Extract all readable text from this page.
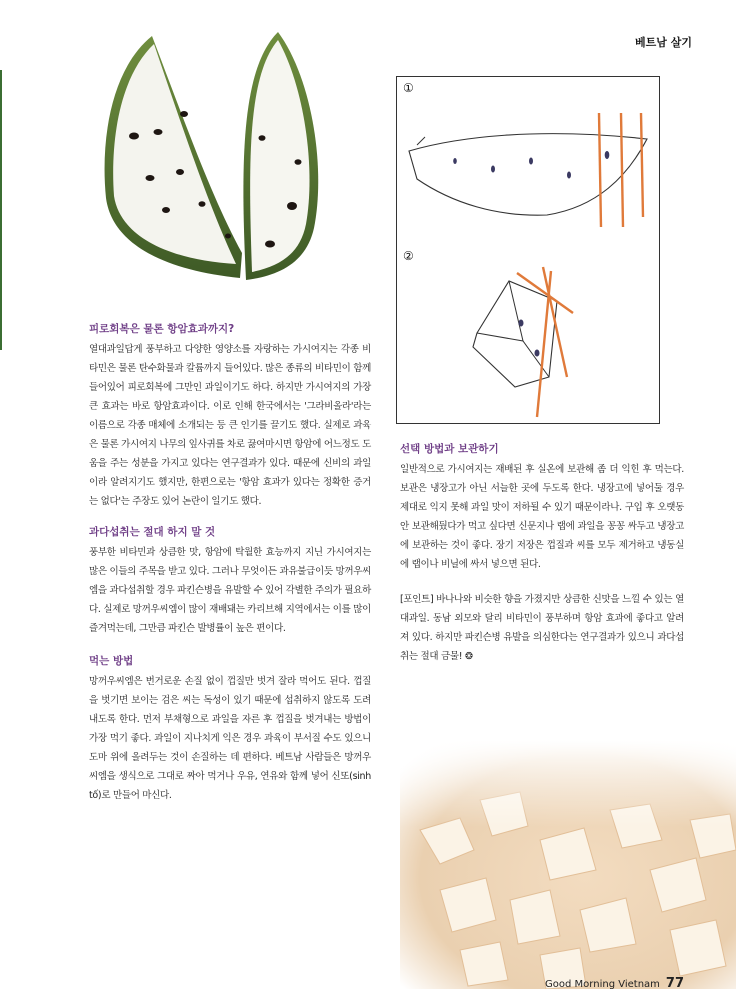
베트남 살기
①
②
피로회복은 물론 항암효과까지?

열대과일답게 풍부하고 다양한 영양소를 자랑하는 가시여지는 각종 비타민은 물론 탄수화물과 칼륨까지 들어있다. 많은 종류의 비타민이 함께 들어있어 피로회복에 그만인 과일이기도 하다. 하지만 가시여지의 가장 큰 효과는 바로 항암효과이다. 이로 인해 한국에서는 '그라비올라'라는 이름으로 각종 매체에 소개되는 등 큰 인기를 끌기도 했다. 실제로 과육은 물론 가시여지 나무의 잎사귀를 차로 끓여마시면 항암에 어느정도 도움을 주는 성분을 가지고 있다는 연구결과가 있다. 때문에 신비의 과일이라 알려지기도 했지만, 한편으로는 '항암 효과가 있다는 정확한 증거는 없다'는 주장도 있어 논란이 일기도 했다.

과다섭취는 절대 하지 말 것

풍부한 비타민과 상큼한 맛, 항암에 탁월한 효능까지 지닌 가시여지는 많은 이들의 주목을 받고 있다. 그러나 무엇이든 과유불급이듯 망꺼우씨엠을 과다섭취할 경우 파킨슨병을 유발할 수 있어 각별한 주의가 필요하다. 실제로 망꺼우씨엠이 많이 재배돼는 카리브해 지역에서는 이를 많이 즐겨먹는데, 그만큼 파킨슨 발병률이 높은 편이다.

먹는 방법

망꺼우씨엠은 번거로운 손질 없이 껍질만 벗겨 잘라 먹어도 된다. 껍질을 벗기면 보이는 검은 씨는 독성이 있기 때문에 섭취하지 않도록 도려내도록 한다. 먼저 부채형으로 과일을 자른 후 껍질을 벗겨내는 방법이 가장 먹기 좋다. 과일이 지나치게 익은 경우 과육이 부서질 수도 있으니 도마 위에 올려두는 것이 손질하는 데 편하다. 베트남 사람들은 망꺼우씨엠을 생식으로 그대로 짜아 먹거나 우유, 연유와 함께 넣어 신또(sinh tố)로 만들어 마신다.

선택 방법과 보관하기

일반적으로 가시여지는 재배된 후 실온에 보관해 좀 더 익힌 후 먹는다. 보관은 냉장고가 아닌 서늘한 곳에 두도록 한다. 냉장고에 넣어둘 경우 제대로 익지 못해 과일 맛이 저하될 수 있기 때문이라나. 구입 후 오랫동안 보관해뒀다가 먹고 싶다면 신문지나 랩에 과일을 꽁꽁 싸두고 냉장고에 보관하는 것이 좋다. 장기 저장은 껍질과 씨를 모두 제거하고 냉동실에 랩이나 비닐에 싸서 넣으면 된다.

[포인트] 바나나와 비슷한 향을 가졌지만 상큼한 신맛을 느낄 수 있는 열대과일. 동남 외모와 달리 비타민이 풍부하며 항암 효과에 좋다고 알려져 있다. 하지만 파킨슨병 유발을 의심한다는 연구결과가 있으니 과다섭취는 절대 금물! ❂

Good Morning Vietnam 77
